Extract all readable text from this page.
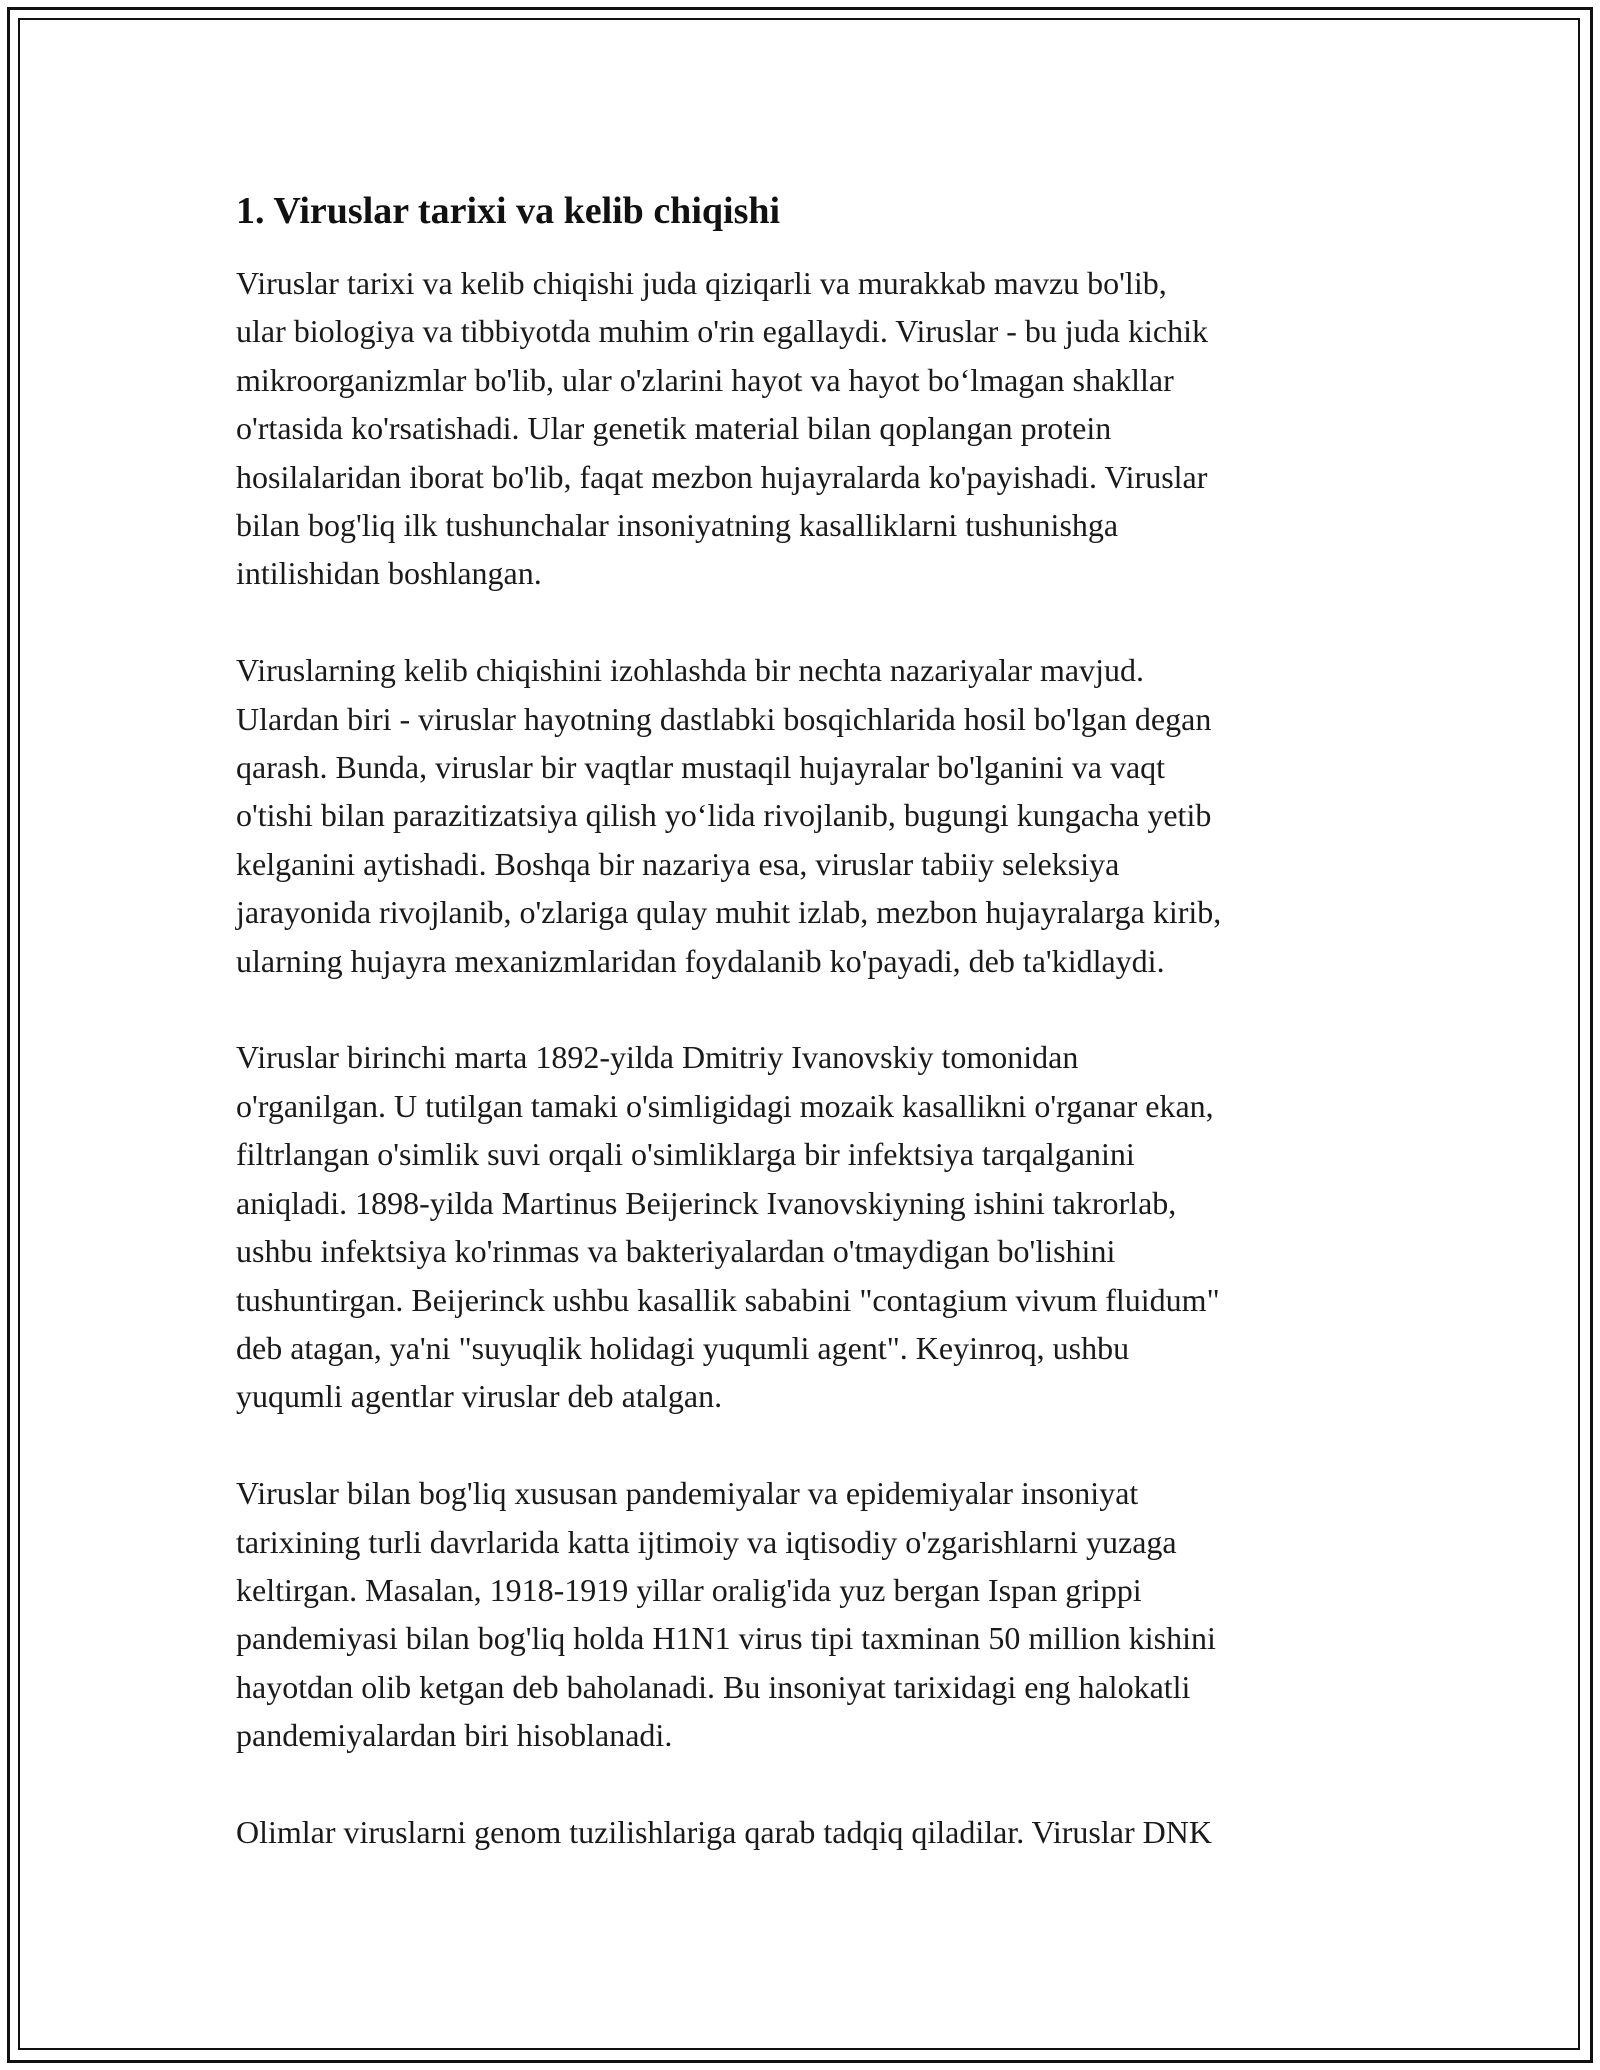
1. Viruslar tarixi va kelib chiqishi

Viruslar tarixi va kelib chiqishi juda qiziqarli va murakkab mavzu bo'lib,
ular biologiya va tibbiyotda muhim o'rin egallaydi. Viruslar - bu juda kichik
mikroorganizmlar bo'lib, ular o'zlarini hayot va hayot bo‘lmagan shakllar
o'rtasida ko'rsatishadi. Ular genetik material bilan qoplangan protein
hosilalaridan iborat bo'lib, faqat mezbon hujayralarda ko'payishadi. Viruslar
bilan bog'liq ilk tushunchalar insoniyatning kasalliklarni tushunishga
intilishidan boshlangan.

Viruslarning kelib chiqishini izohlashda bir nechta nazariyalar mavjud.
Ulardan biri - viruslar hayotning dastlabki bosqichlarida hosil bo'lgan degan
qarash. Bunda, viruslar bir vaqtlar mustaqil hujayralar bo'lganini va vaqt
o'tishi bilan parazitizatsiya qilish yo‘lida rivojlanib, bugungi kungacha yetib
kelganini aytishadi. Boshqa bir nazariya esa, viruslar tabiiy seleksiya
jarayonida rivojlanib, o'zlariga qulay muhit izlab, mezbon hujayralarga kirib,
ularning hujayra mexanizmlaridan foydalanib ko'payadi, deb ta'kidlaydi.

Viruslar birinchi marta 1892-yilda Dmitriy Ivanovskiy tomonidan
o'rganilgan. U tutilgan tamaki o'simligidagi mozaik kasallikni o'rganar ekan,
filtrlangan o'simlik suvi orqali o'simliklarga bir infektsiya tarqalganini
aniqladi. 1898-yilda Martinus Beijerinck Ivanovskiyning ishini takrorlab,
ushbu infektsiya ko'rinmas va bakteriyalardan o'tmaydigan bo'lishini
tushuntirgan. Beijerinck ushbu kasallik sababini "contagium vivum fluidum"
deb atagan, ya'ni "suyuqlik holidagi yuqumli agent". Keyinroq, ushbu
yuqumli agentlar viruslar deb atalgan.

Viruslar bilan bog'liq xususan pandemiyalar va epidemiyalar insoniyat
tarixining turli davrlarida katta ijtimoiy va iqtisodiy o'zgarishlarni yuzaga
keltirgan. Masalan, 1918-1919 yillar oralig'ida yuz bergan Ispan grippi
pandemiyasi bilan bog'liq holda H1N1 virus tipi taxminan 50 million kishini
hayotdan olib ketgan deb baholanadi. Bu insoniyat tarixidagi eng halokatli
pandemiyalardan biri hisoblanadi.

Olimlar viruslarni genom tuzilishlariga qarab tadqiq qiladilar. Viruslar DNK
